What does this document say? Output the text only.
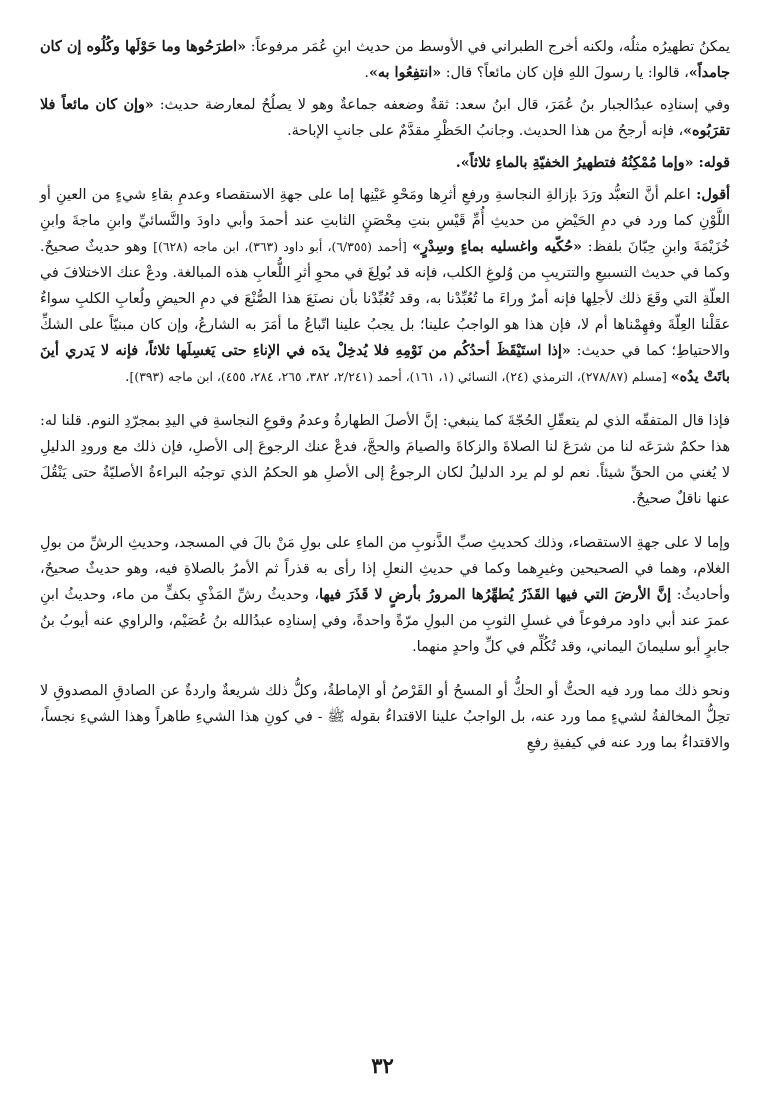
يمكنُ تطهيرُه مثلُه، ولكنه أخرج الطبراني في الأوسط من حديث ابنِ عُمَر مرفوعاً: «اطرَحُوها وما حَوْلَها وكُلُوه إن كان جامداً»، قالوا: يا رسولَ اللهِ فإن كان مائعاً؟ قال: «انتفِعُوا به».

وفي إسنادِه عبدُالجبار بنُ عُمَرَ، قال ابنُ سعد: ثقةٌ وضعفه جماعةٌ وهو لا يصلُحُ لمعارضة حديث: «وإن كان مائعاً فلا تقرَبُوه»، فإنه أرجحُ من هذا الحديث. وجانبُ الحَظْرِ مقدَّمٌ على جانبِ الإباحة.

قوله: «وإما مُمْكِنُهُ فتطهيرُ الخفيّةِ بالماءِ ثلاثاً».

أقول: اعلم أنَّ التعبُّد ورَدَ بإزالةِ النجاسةِ ورفعِ أثرِها ومَحْوِ عَيْنِها إما على جهةِ الاستقصاء وعدمِ بقاءِ شيءٍ من العينِ أو اللَّوْنِ كما ورد في دمِ الحَيْضِ من حديثِ أُمِّ قَيْسِ بنتِ مِحْصَنٍ الثابتِ عند أحمدَ وأبي داودَ والنَّسائيِّ وابنِ ماجةَ وابنِ خُزَيْمَةَ وابنِ حِبّانَ بلفظ: «حُكّيه واغسليه بماءٍ وسِدْرٍ» [أحمد (٦/٣٥٥)، أبو داود (٣٦٣)، ابن ماجه (٦٢٨)] وهو حديثٌ صحيحٌ. وكما في حديث التسبيعِ والتتريبِ من وُلوغِ الكلب، فإنه قد بُولِغَ في محوِ أثرِ اللُّعابِ هذه المبالغة. ودعْ عنك الاختلافَ في العلّةِ التي وقَعَ ذلك لأجلِها فإنه أمرٌ وراءَ ما تُعُبِّدْنا به، وقد تُعُبِّدْنا بأن نصنَعَ هذا الصُّنْعَ في دمِ الحيضِ ولُعابِ الكلبِ سواءٌ عقَلْنا العِلّةَ وفهِمْناها أم لا، فإن هذا هو الواجبُ علينا؛ بل يجبُ علينا اتّباعُ ما أمَرَ به الشارعُ، وإن كان مبنيّاً على الشكِّ والاحتياطِ؛ كما في حديث: «إذا استَيْقَظَ أحدُكُم من نَوْمِهِ فلا يُدخِلْ يدَه في الإناءِ حتى يَغسِلَها ثلاثاً، فإنه لا يَدري أينَ باتَتْ يدُه» [مسلم (٢٧٨/٨٧)، الترمذي (٢٤)، النسائي (١، ١٦١)، أحمد (٢/٢٤١، ٣٨٢، ٢٦٥، ٢٨٤، ٤٥٥)، ابن ماجه (٣٩٣)].

فإذا قال المتفقّه الذي لم يتعقّلِ الحُجّةَ كما ينبغي: إنَّ الأصلَ الطهارةُ وعدمُ وقوعِ النجاسةِ في اليدِ بمجرّدِ النوم. قلنا له: هذا حكمٌ شرَعَه لنا من شرَعَ لنا الصلاةَ والزكاةَ والصيامَ والحجَّ، فدعْ عنك الرجوعَ إلى الأصلِ، فإن ذلك مع ورودِ الدليلِ لا يُغني من الحقِّ شيئاً. نعم لو لم يرد الدليلُ لكان الرجوعُ إلى الأصلِ هو الحكمُ الذي توجبُه البراءةُ الأصليّةُ حتى يَنْقُلَ عنها ناقلٌ صحيحٌ.

وإما لا على جهةِ الاستقصاء، وذلك كحديثِ صبِّ الذَّنوبِ من الماءِ على بولِ مَنْ بالَ في المسجد، وحديثِ الرشِّ من بولِ الغلام، وهما في الصحيحين وغيرِهما وكما في حديثِ النعلِ إذا رأى به قذراً ثم الأمرُ بالصلاةِ فيه، وهو حديثٌ صحيحٌ، وأحاديثُ: إنَّ الأرضَ التي فيها القَذَرُ يُطهِّرُها المرورُ بأرضٍ لا قَذَرَ فيها، وحديثُ رشِّ المَذْيِ بكفٍّ من ماء، وحديثُ ابنِ عمرَ عند أبي داود مرفوعاً في غسلِ الثوبِ من البولِ مرّةً واحدةً، وفي إسنادِه عبدُالله بنُ عُصَيْم، والراوي عنه أيوبُ بنُ جابرٍ أبو سليمانَ اليماني، وقد تُكُلِّم في كلِّ واحدٍ منهما.

ونحو ذلك مما ورد فيه الحتُّ أو الحكُّ أو المسحُ أو القَرْصُ أو الإماطةُ، وكلُّ ذلك شريعةٌ واردةٌ عن الصادقِ المصدوقِ لا تحِلُّ المخالفةُ لشيءٍ مما ورد عنه، بل الواجبُ علينا الاقتداءُ بقوله ﷺ - في كونِ هذا الشيءِ طاهراً وهذا الشيءِ نجساً، والاقتداءُ بما ورد عنه في كيفيةِ رفعِ

٣٢
